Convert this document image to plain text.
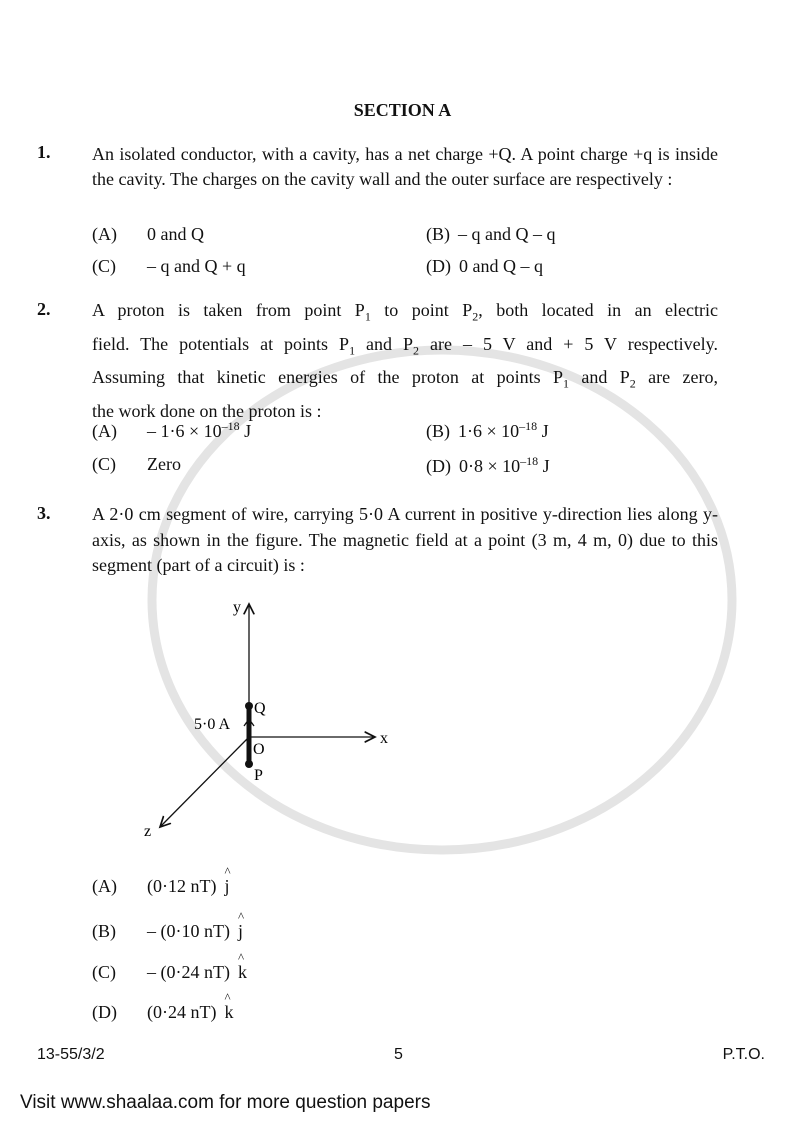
SECTION A
1. An isolated conductor, with a cavity, has a net charge +Q. A point charge +q is inside the cavity. The charges on the cavity wall and the outer surface are respectively :
(A) 0 and Q	(B) – q and Q – q
(C) – q and Q + q	(D) 0 and Q – q
2. A proton is taken from point $P_1$ to point $P_2$, both located in an electric

field. The potentials at points $P_1$ and $P_2$ are – 5 V and + 5 V respectively.

Assuming that kinetic energies of the proton at points $P_1$ and $P_2$ are zero,

the work done on the proton is :

$(A) - 1\cdot 6 \times 10^{-18}$ J	(B) $1\cdot 6 \times 10^{-18}$ J
(C) Zero	(D) $0\cdot 8 \times 10^{-18}$ J
3. A 2·0 cm segment of wire, carrying 5·0 A current in positive y-direction lies along y-axis, as shown in the figure. The magnetic field at a point (3 m, 4 m, 0) due to this segment (part of a circuit) is :
y
x
z
O
Q
P
5·0 A
(A) (0·12 nT) ^ j
(B) – (0·10 nT) ^ j
(C) – (0·24 nT) ^ k
(D) (0·24 nT) ^ k
13-55/3/2	5	P.T.O.
Visit www.shaalaa.com for more question papers
